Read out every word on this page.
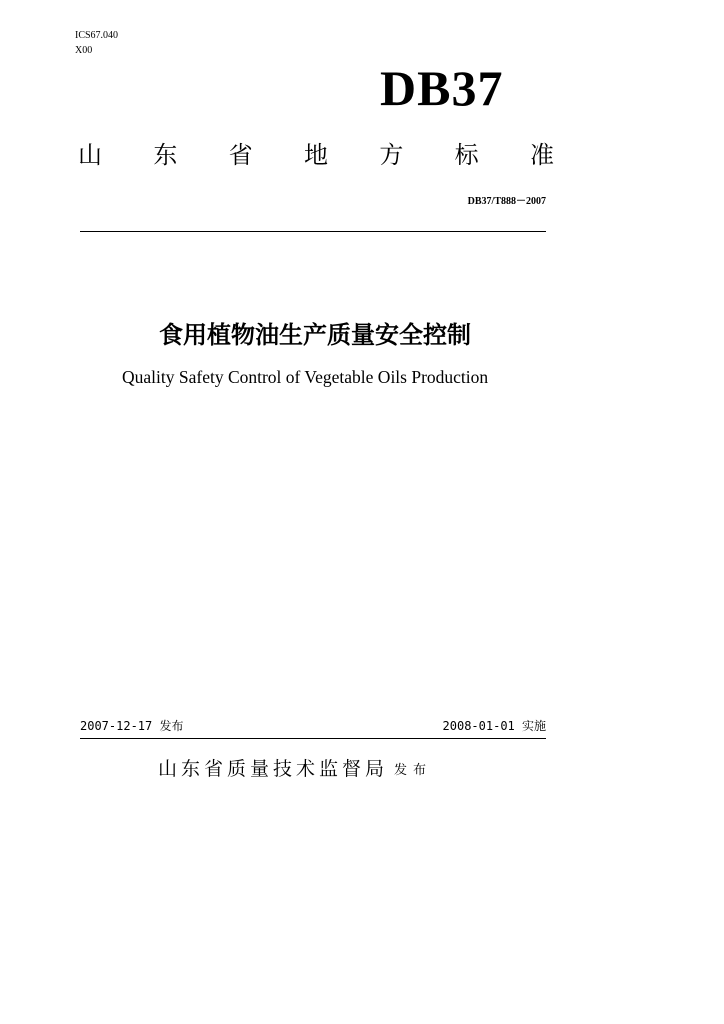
ICS67.040
X00
DB37
山 东 省 地 方 标 准
DB37/T888－2007
食用植物油生产质量安全控制
Quality Safety Control of Vegetable Oils Production
2007-12-17 发布	2008-01-01 实施
山东省质量技术监督局 发布
